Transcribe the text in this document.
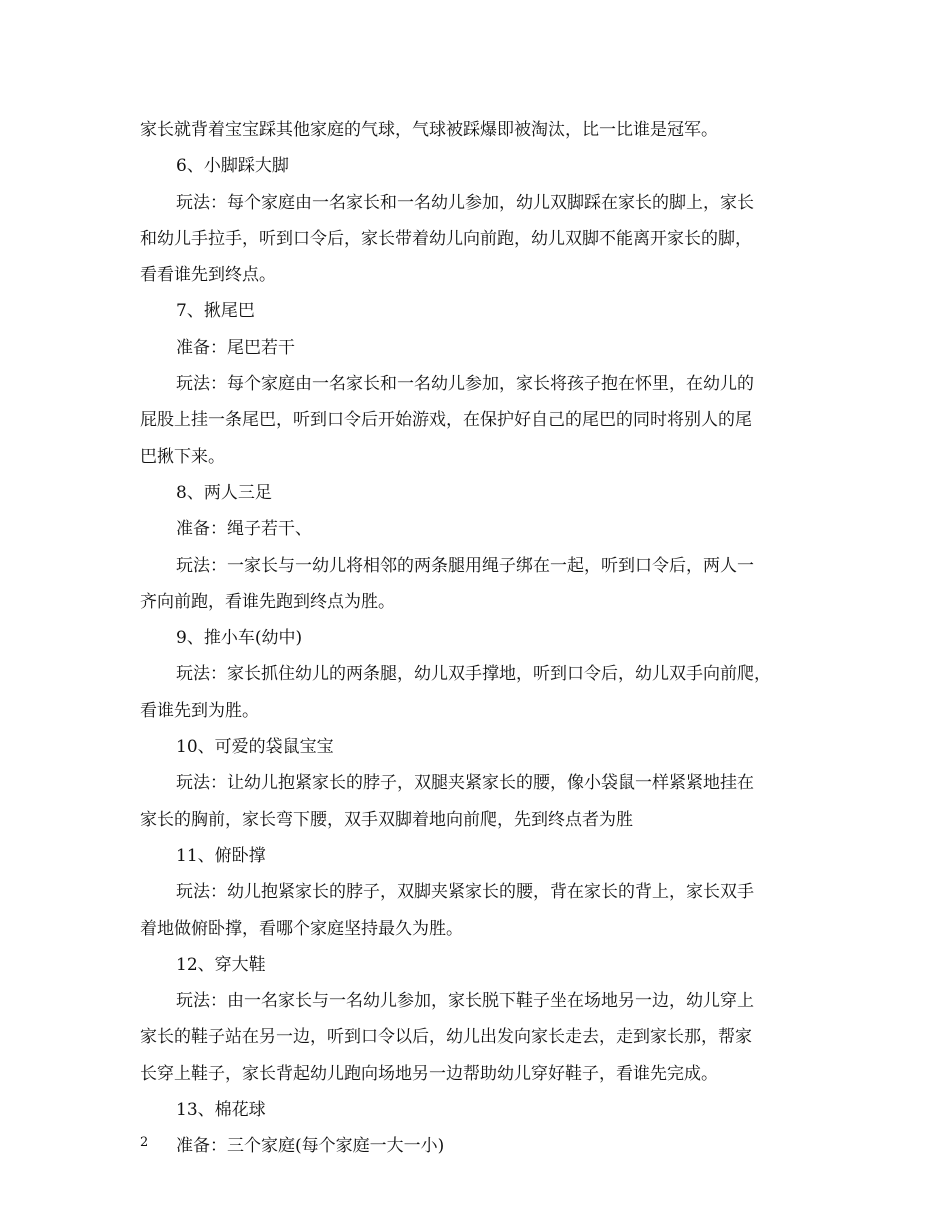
家长就背着宝宝踩其他家庭的气球，气球被踩爆即被淘汰，比一比谁是冠军。
6、小脚踩大脚
玩法：每个家庭由一名家长和一名幼儿参加，幼儿双脚踩在家长的脚上，家长
和幼儿手拉手，听到口令后，家长带着幼儿向前跑，幼儿双脚不能离开家长的脚，
看看谁先到终点。
7、揪尾巴
准备：尾巴若干
玩法：每个家庭由一名家长和一名幼儿参加，家长将孩子抱在怀里，在幼儿的
屁股上挂一条尾巴，听到口令后开始游戏，在保护好自己的尾巴的同时将别人的尾
巴揪下来。
8、两人三足
准备：绳子若干、
玩法：一家长与一幼儿将相邻的两条腿用绳子绑在一起，听到口令后，两人一
齐向前跑，看谁先跑到终点为胜。
9、推小车(幼中)
玩法：家长抓住幼儿的两条腿，幼儿双手撑地，听到口令后，幼儿双手向前爬，
看谁先到为胜。
10、可爱的袋鼠宝宝
玩法：让幼儿抱紧家长的脖子，双腿夹紧家长的腰，像小袋鼠一样紧紧地挂在
家长的胸前，家长弯下腰，双手双脚着地向前爬，先到终点者为胜
11、俯卧撑
玩法：幼儿抱紧家长的脖子，双脚夹紧家长的腰，背在家长的背上，家长双手
着地做俯卧撑，看哪个家庭坚持最久为胜。
12、穿大鞋
玩法：由一名家长与一名幼儿参加，家长脱下鞋子坐在场地另一边，幼儿穿上
家长的鞋子站在另一边，听到口令以后，幼儿出发向家长走去，走到家长那，帮家
长穿上鞋子，家长背起幼儿跑向场地另一边帮助幼儿穿好鞋子，看谁先完成。
13、棉花球
准备：三个家庭(每个家庭一大一小)
2
